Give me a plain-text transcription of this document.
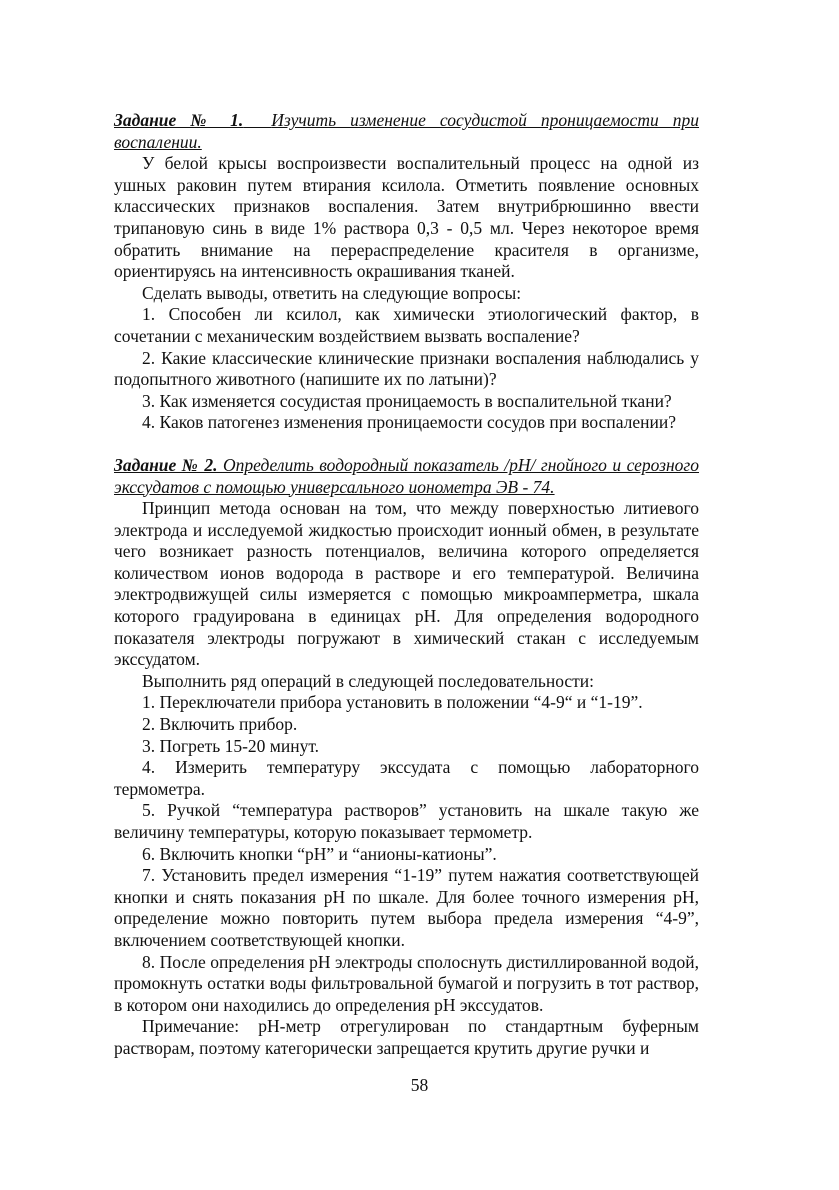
Задание № 1. Изучить изменение сосудистой проницаемости при воспалении.

У белой крысы воспроизвести воспалительный процесс на одной из ушных раковин путем втирания ксилола. Отметить появление основных классических признаков воспаления. Затем внутрибрюшинно ввести трипановую синь в виде 1% раствора 0,3 - 0,5 мл. Через некоторое время обратить внимание на перераспределение красителя в организме, ориентируясь на интенсивность окрашивания тканей.

Сделать выводы, ответить на следующие вопросы:

1. Способен ли ксилол, как химически этиологический фактор, в сочетании с механическим воздействием вызвать воспаление?

2. Какие классические клинические признаки воспаления наблюдались у подопытного животного (напишите их по латыни)?

3. Как изменяется сосудистая проницаемость в воспалительной ткани?

4. Каков патогенез изменения проницаемости сосудов при воспалении?

Задание № 2. Определить водородный показатель /pH/ гнойного и серозного экссудатов с помощью универсального ионометра ЭВ - 74.

Принцип метода основан на том, что между поверхностью литиевого электрода и исследуемой жидкостью происходит ионный обмен, в результате чего возникает разность потенциалов, величина которого определяется количеством ионов водорода в растворе и его температурой. Величина электродвижущей силы измеряется с помощью микроамперметра, шкала которого градуирована в единицах pH. Для определения водородного показателя электроды погружают в химический стакан с исследуемым экссудатом.

Выполнить ряд операций в следующей последовательности:

1. Переключатели прибора установить в положении “4-9“ и “1-19”.

2. Включить прибор.

3. Погреть 15-20 минут.

4. Измерить температуру экссудата с помощью лабораторного термометра.

5. Ручкой “температура растворов” установить на шкале такую же величину температуры, которую показывает термометр.

6. Включить кнопки “pH” и “анионы-катионы”.

7. Установить предел измерения “1-19” путем нажатия соответствующей кнопки и снять показания pH по шкале. Для более точного измерения pH, определение можно повторить путем выбора предела измерения “4-9”, включением соответствующей кнопки.

8. После определения pH электроды сполоснуть дистиллированной водой, промокнуть остатки воды фильтровальной бумагой и погрузить в тот раствор, в котором они находились до определения pH экссудатов.

Примечание: pH-метр отрегулирован по стандартным буферным растворам, поэтому категорически запрещается крутить другие ручки и

58
